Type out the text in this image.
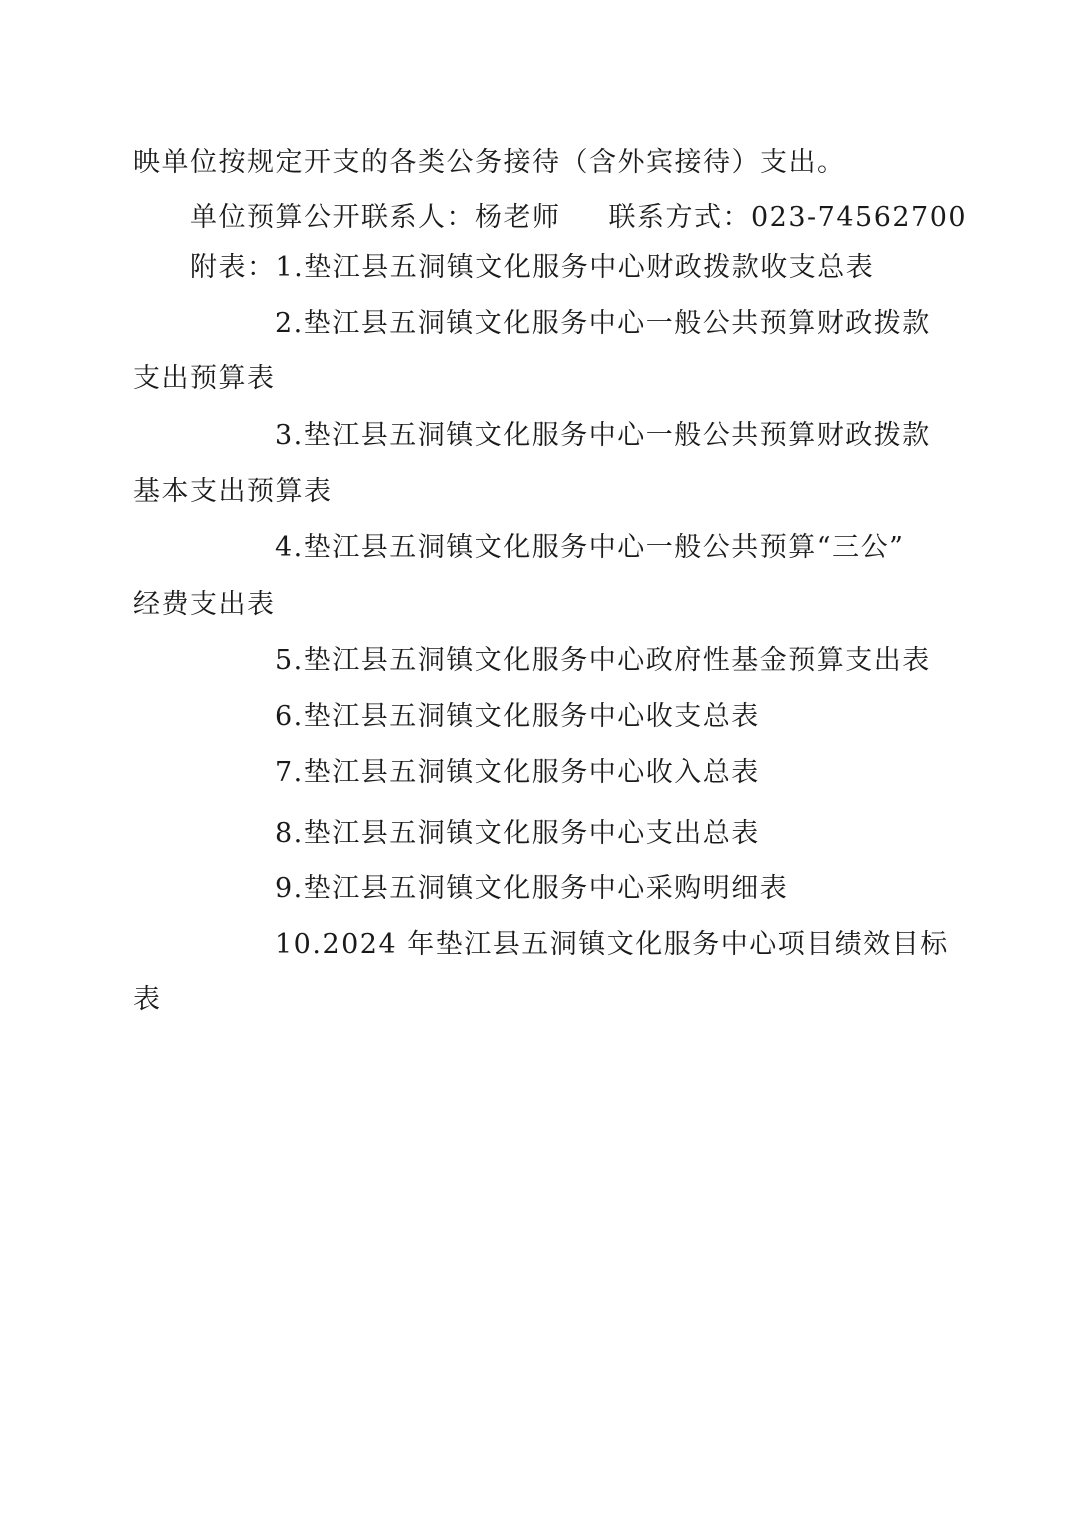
映单位按规定开支的各类公务接待（含外宾接待）支出。
单位预算公开联系人：杨老师 联系方式：023-74562700
附表：1.垫江县五洞镇文化服务中心财政拨款收支总表
2.垫江县五洞镇文化服务中心一般公共预算财政拨款
支出预算表
3.垫江县五洞镇文化服务中心一般公共预算财政拨款
基本支出预算表
4.垫江县五洞镇文化服务中心一般公共预算“三公”
经费支出表
5.垫江县五洞镇文化服务中心政府性基金预算支出表
6.垫江县五洞镇文化服务中心收支总表
7.垫江县五洞镇文化服务中心收入总表
8.垫江县五洞镇文化服务中心支出总表
9.垫江县五洞镇文化服务中心采购明细表
10.2024 年垫江县五洞镇文化服务中心项目绩效目标
表
